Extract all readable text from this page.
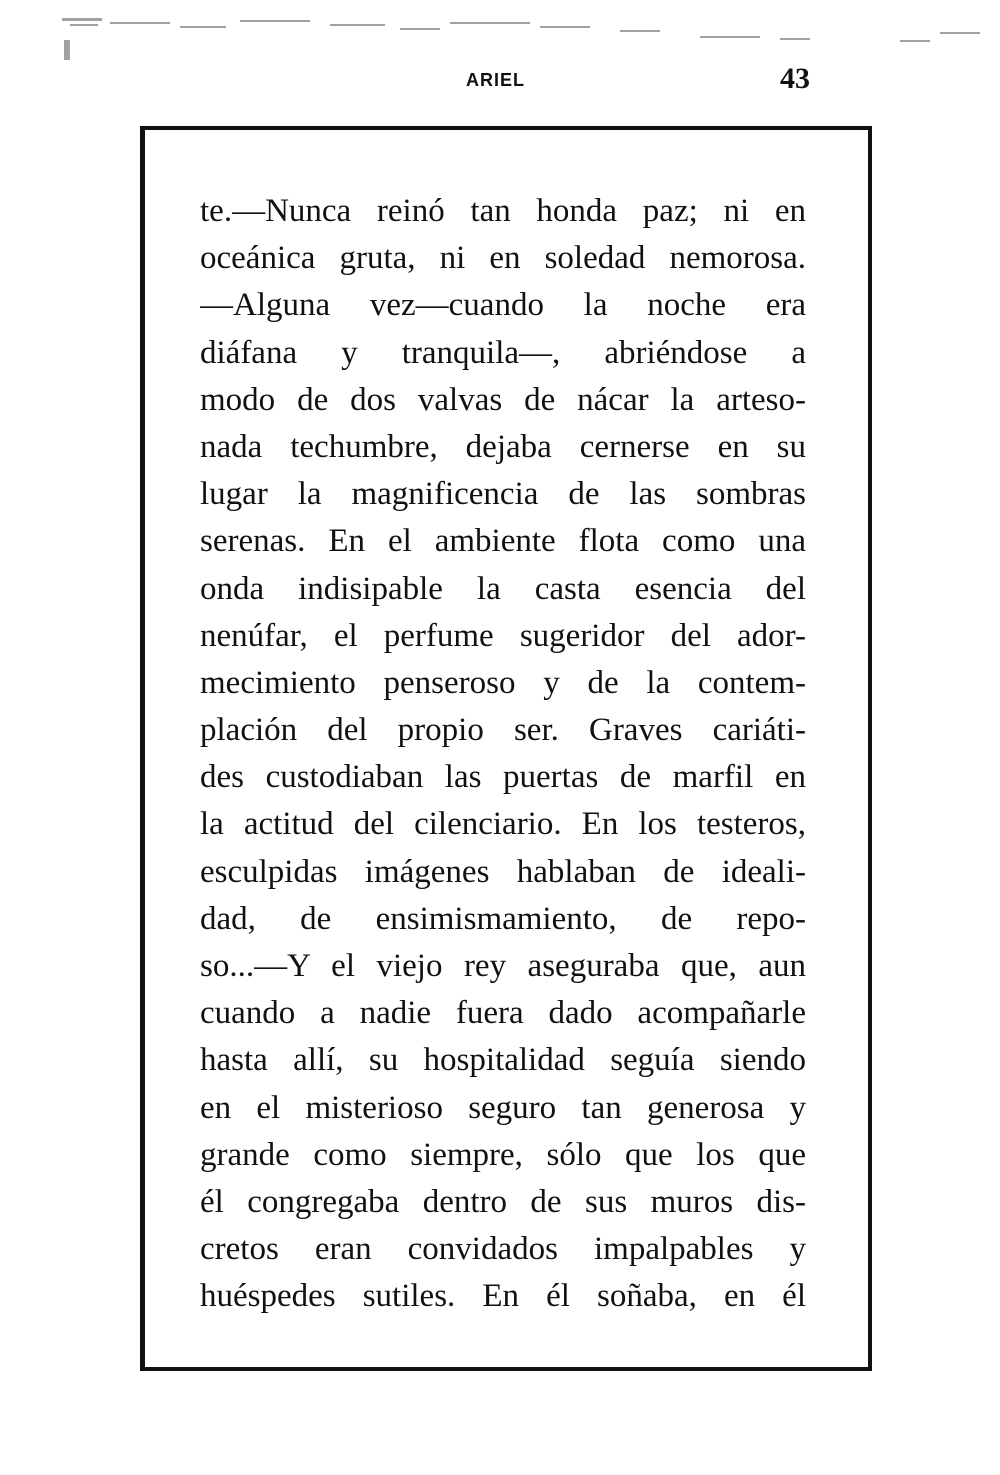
ARIEL	43
te.—Nunca reinó tan honda paz; ni en
oceánica gruta, ni en soledad nemorosa.
—Alguna vez—cuando la noche era
diáfana y tranquila—, abriéndose a
modo de dos valvas de nácar la arteso-
nada techumbre, dejaba cernerse en su
lugar la magnificencia de las sombras
serenas. En el ambiente flota como una
onda indisipable la casta esencia del
nenúfar, el perfume sugeridor del ador-
mecimiento penseroso y de la contem-
plación del propio ser. Graves cariáti-
des custodiaban las puertas de marfil en
la actitud del cilenciario. En los testeros,
esculpidas imágenes hablaban de ideali-
dad, de ensimismamiento, de repo-
so...—Y el viejo rey aseguraba que, aun
cuando a nadie fuera dado acompañarle
hasta allí, su hospitalidad seguía siendo
en el misterioso seguro tan generosa y
grande como siempre, sólo que los que
él congregaba dentro de sus muros dis-
cretos eran convidados impalpables y
huéspedes sutiles. En él soñaba, en él
